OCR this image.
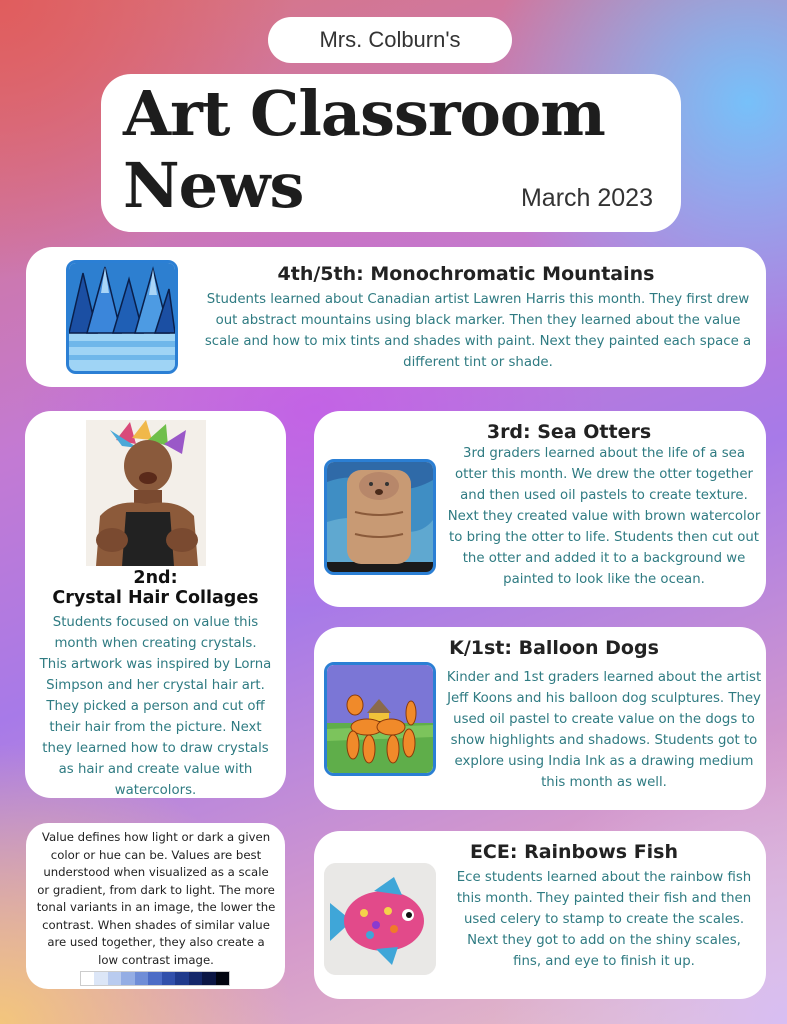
Mrs. Colburn's
Art Classroom
News	March 2023
4th/5th: Monochromatic Mountains
Students learned about Canadian artist Lawren Harris this month. They first drew out abstract mountains using black marker. Then they learned about the value scale and how to mix tints and shades with paint. Next they painted each space a different tint or shade.
2nd:
Crystal Hair Collages
Students focused on value this month when creating crystals. This artwork was inspired by Lorna Simpson and her crystal hair art. They picked a person and cut off their hair from the picture. Next they learned how to draw crystals as hair and create value with watercolors.
3rd: Sea Otters
3rd graders learned about the life of a sea otter this month. We drew the otter together and then used oil pastels to create texture. Next they created value with brown watercolor to bring the otter to life. Students then cut out the otter and added it to a background we painted to look like the ocean.
K/1st: Balloon Dogs
Kinder and 1st graders learned about the artist Jeff Koons and his balloon dog sculptures. They used oil pastel to create value on the dogs to show highlights and shadows. Students got to explore using India Ink as a drawing medium this month as well.
Value defines how light or dark a given color or hue can be. Values are best understood when visualized as a scale or gradient, from dark to light. The more tonal variants in an image, the lower the contrast. When shades of similar value are used together, they also create a low contrast image.
ECE: Rainbows Fish
Ece students learned about the rainbow fish this month. They painted their fish and then used celery to stamp to create the scales. Next they got to add on the shiny scales, fins, and eye to finish it up.
